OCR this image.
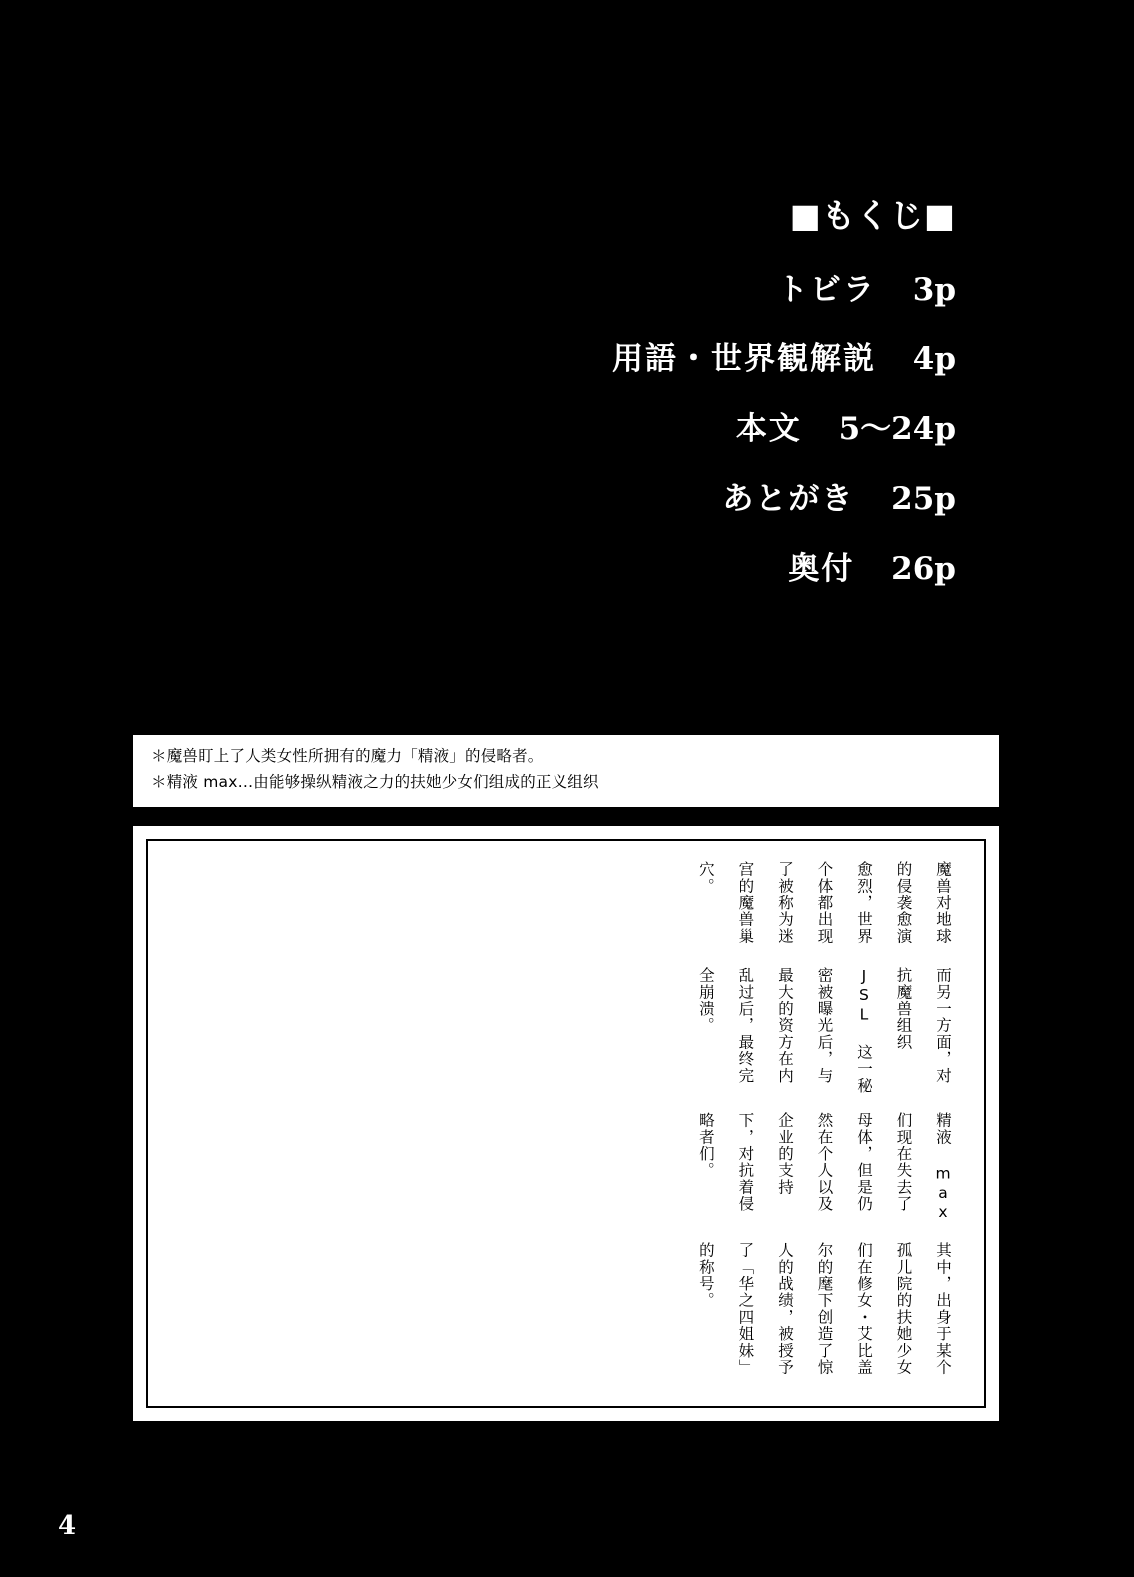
■もくじ■
トビラ 3p
用語・世界観解説 4p
本文 5〜24p
あとがき 25p
奥付 26p
＊魔兽盯上了人类女性所拥有的魔力「精液」的侵略者。
＊精液 max…由能够操纵精液之力的扶她少女们组成的正义组织
魔兽对地球的侵袭愈演愈烈，世界个体都出现了被称为迷宫的魔兽巢穴。
而另一方面，对抗魔兽组织 JSL 这一秘密被曝光后，与最大的资方在内乱过后，最终完全崩溃。
精液 max 们现在失去了母体，但是仍然在个人以及企业的支持下，对抗着侵略者们。
其中，出身于某个孤儿院的扶她少女们在修女・艾比盖尔的麾下创造了惊人的战绩，被授予了「华之四姐妹」的称号。
4
